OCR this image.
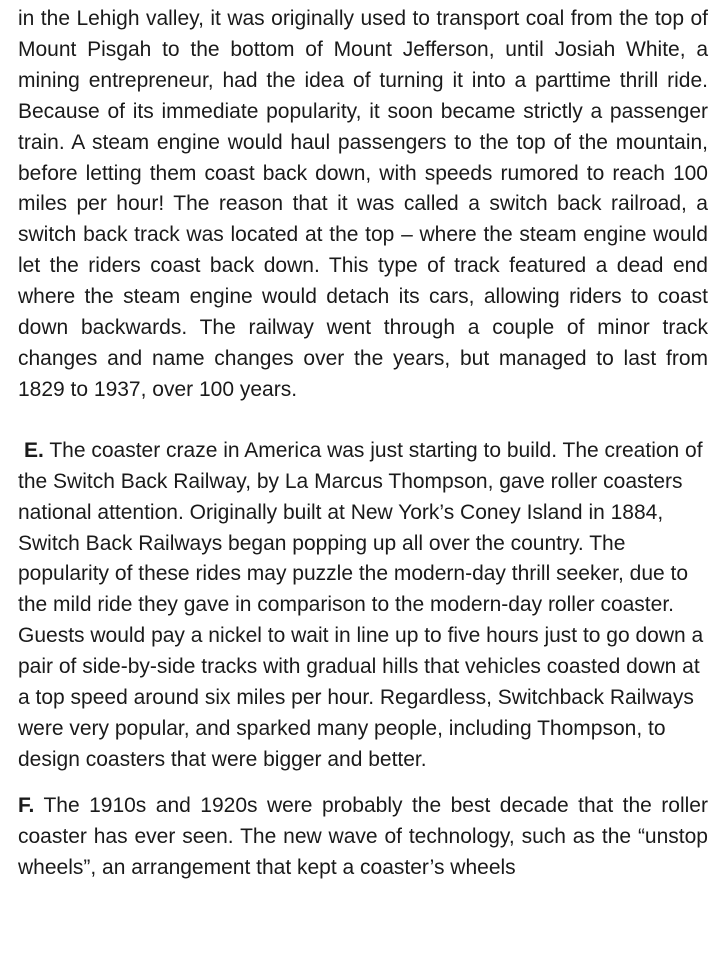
in the Lehigh valley, it was originally used to transport coal from the top of Mount Pisgah to the bottom of Mount Jefferson, until Josiah White, a mining entrepreneur, had the idea of turning it into a parttime thrill ride. Because of its immediate popularity, it soon became strictly a passenger train. A steam engine would haul passengers to the top of the mountain, before letting them coast back down, with speeds rumored to reach 100 miles per hour! The reason that it was called a switch back railroad, a switch back track was located at the top – where the steam engine would let the riders coast back down. This type of track featured a dead end where the steam engine would detach its cars, allowing riders to coast down backwards. The railway went through a couple of minor track changes and name changes over the years, but managed to last from 1829 to 1937, over 100 years.

E. The coaster craze in America was just starting to build. The creation of the Switch Back Railway, by La Marcus Thompson, gave roller coasters national attention. Originally built at New York’s Coney Island in 1884, Switch Back Railways began popping up all over the country. The popularity of these rides may puzzle the modern-day thrill seeker, due to the mild ride they gave in comparison to the modern-day roller coaster. Guests would pay a nickel to wait in line up to five hours just to go down a pair of side-by-side tracks with gradual hills that vehicles coasted down at a top speed around six miles per hour. Regardless, Switchback Railways were very popular, and sparked many people, including Thompson, to design coasters that were bigger and better.

F. The 1910s and 1920s were probably the best decade that the roller coaster has ever seen. The new wave of technology, such as the “unstop wheels”, an arrangement that kept a coaster’s wheels
